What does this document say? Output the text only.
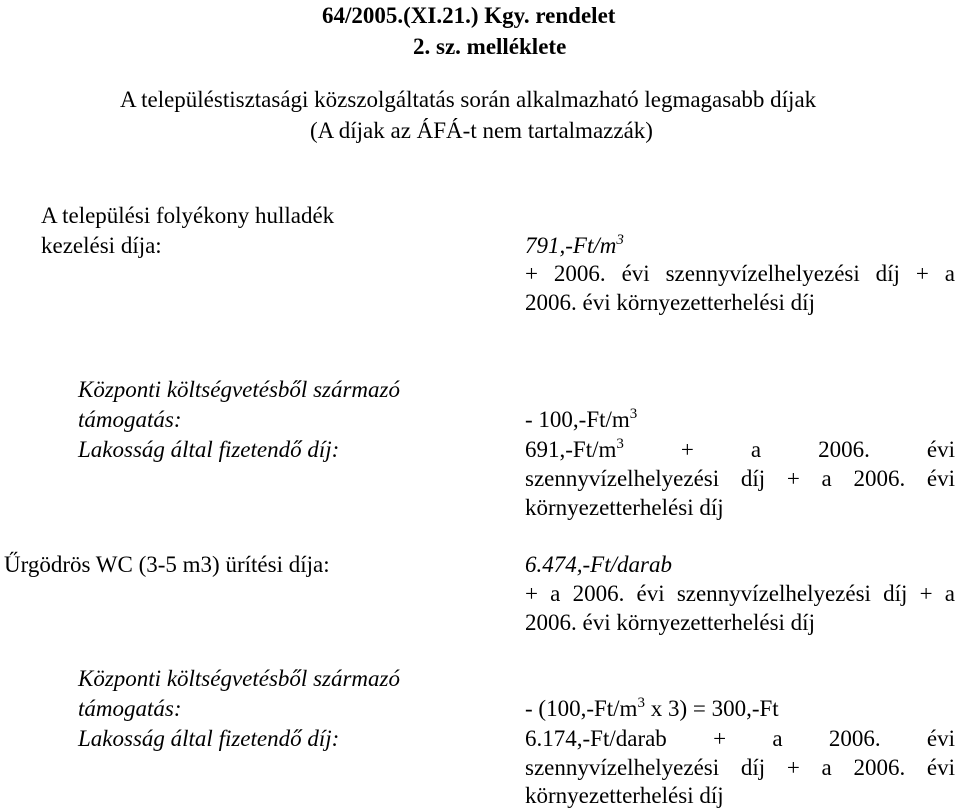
64/2005.(XI.21.) Kgy. rendelet
2. sz. melléklete
A településtisztasági közszolgáltatás során alkalmazható legmagasabb díjak
(A díjak az ÁFÁ-t nem tartalmazzák)
A települési folyékony hulladék
kezelési díja:	$791,-Ft/m^3$
+ 2006. évi szennyvízelhelyezési díj + a
2006. évi környezetterhelési díj
Központi költségvetésből származó
támogatás:	- $100,-Ft/m^3$
Lakosság által fizetendő díj:	$691,-Ft/m^3 + a$ 2006. évi
szennyvízelhelyezési díj + a 2006. évi
környezetterhelési díj
Űrgödrös WC (3-5 m3) ürítési díja:	6.474,-Ft/darab
+ a 2006. évi szennyvízelhelyezési díj + a
2006. évi környezetterhelési díj
Központi költségvetésből származó
támogatás:	- ($100,-Ft/m^3$ x 3) = 300,-Ft
Lakosság által fizetendő díj:	6.174,-Ft/darab + a 2006. évi
szennyvízelhelyezési díj + a 2006. évi
környezetterhelési díj
